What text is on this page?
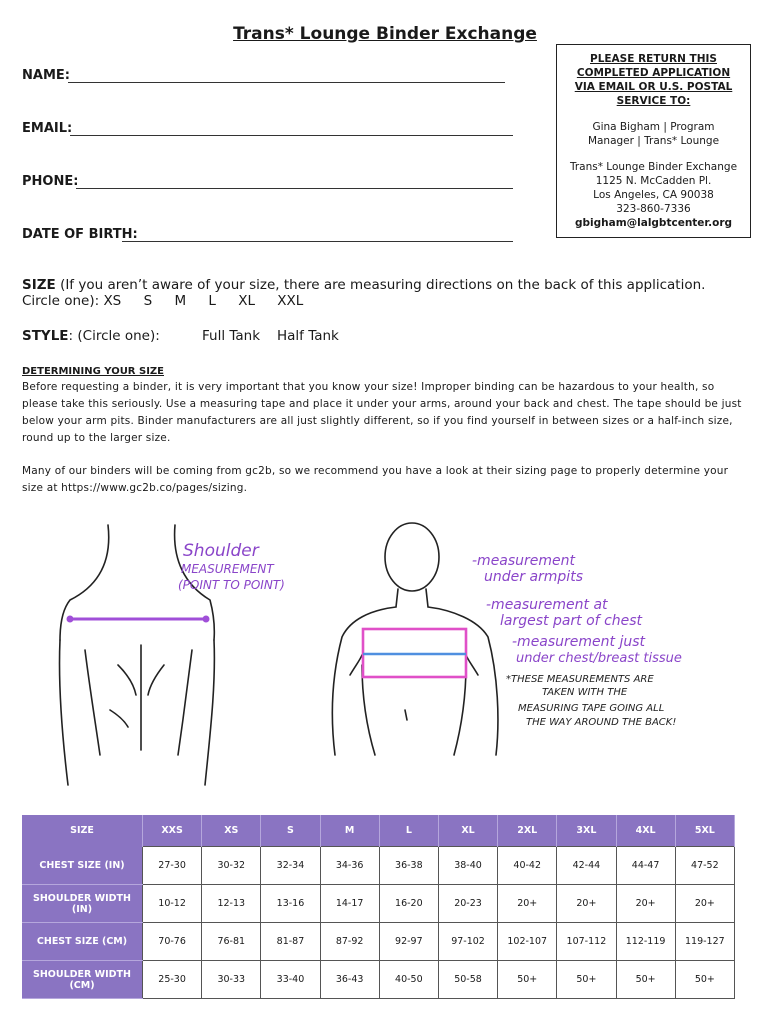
Trans* Lounge Binder Exchange
NAME:
EMAIL:
PHONE:
DATE OF BIRTH:
PLEASE RETURN THIS COMPLETED APPLICATION VIA EMAIL OR U.S. POSTAL SERVICE TO:
Gina Bigham | Program
Manager | Trans* Lounge
Trans* Lounge Binder Exchange
1125 N. McCadden Pl.
Los Angeles, CA 90038
323-860-7336
gbigham@lalgbtcenter.org
SIZE (If you aren’t aware of your size, there are measuring directions on the back of this application. Circle one): XS S M L XL XXL
STYLE: (Circle one):	Full Tank Half Tank
DETERMINING YOUR SIZE
Before requesting a binder, it is very important that you know your size! Improper binding can be hazardous to your health, so please take this seriously. Use a measuring tape and place it under your arms, around your back and chest. The tape should be just below your arm pits. Binder manufacturers are all just slightly different, so if you find yourself in between sizes or a half-inch size, round up to the larger size.
Many of our binders will be coming from gc2b, so we recommend you have a look at their sizing page to properly determine your size at https://www.gc2b.co/pages/sizing.
Shoulder
MEASUREMENT
(POINT TO POINT)
-measurement
under armpits
-measurement at
largest part of chest
-measurement just
under chest/breast tissue
*THESE MEASUREMENTS ARE
TAKEN WITH THE
MEASURING TAPE GOING ALL
THE WAY AROUND THE BACK!
SIZE	XXS	XS	S	M	L	XL	2XL	3XL	4XL	5XL
CHEST SIZE (IN)	27-30	30-32	32-34	34-36	36-38	38-40	40-42	42-44	44-47	47-52
SHOULDER WIDTH (IN)	10-12	12-13	13-16	14-17	16-20	20-23	20+	20+	20+	20+
CHEST SIZE (CM)	70-76	76-81	81-87	87-92	92-97	97-102	102-107	107-112	112-119	119-127
SHOULDER WIDTH (CM)	25-30	30-33	33-40	36-43	40-50	50-58	50+	50+	50+	50+
